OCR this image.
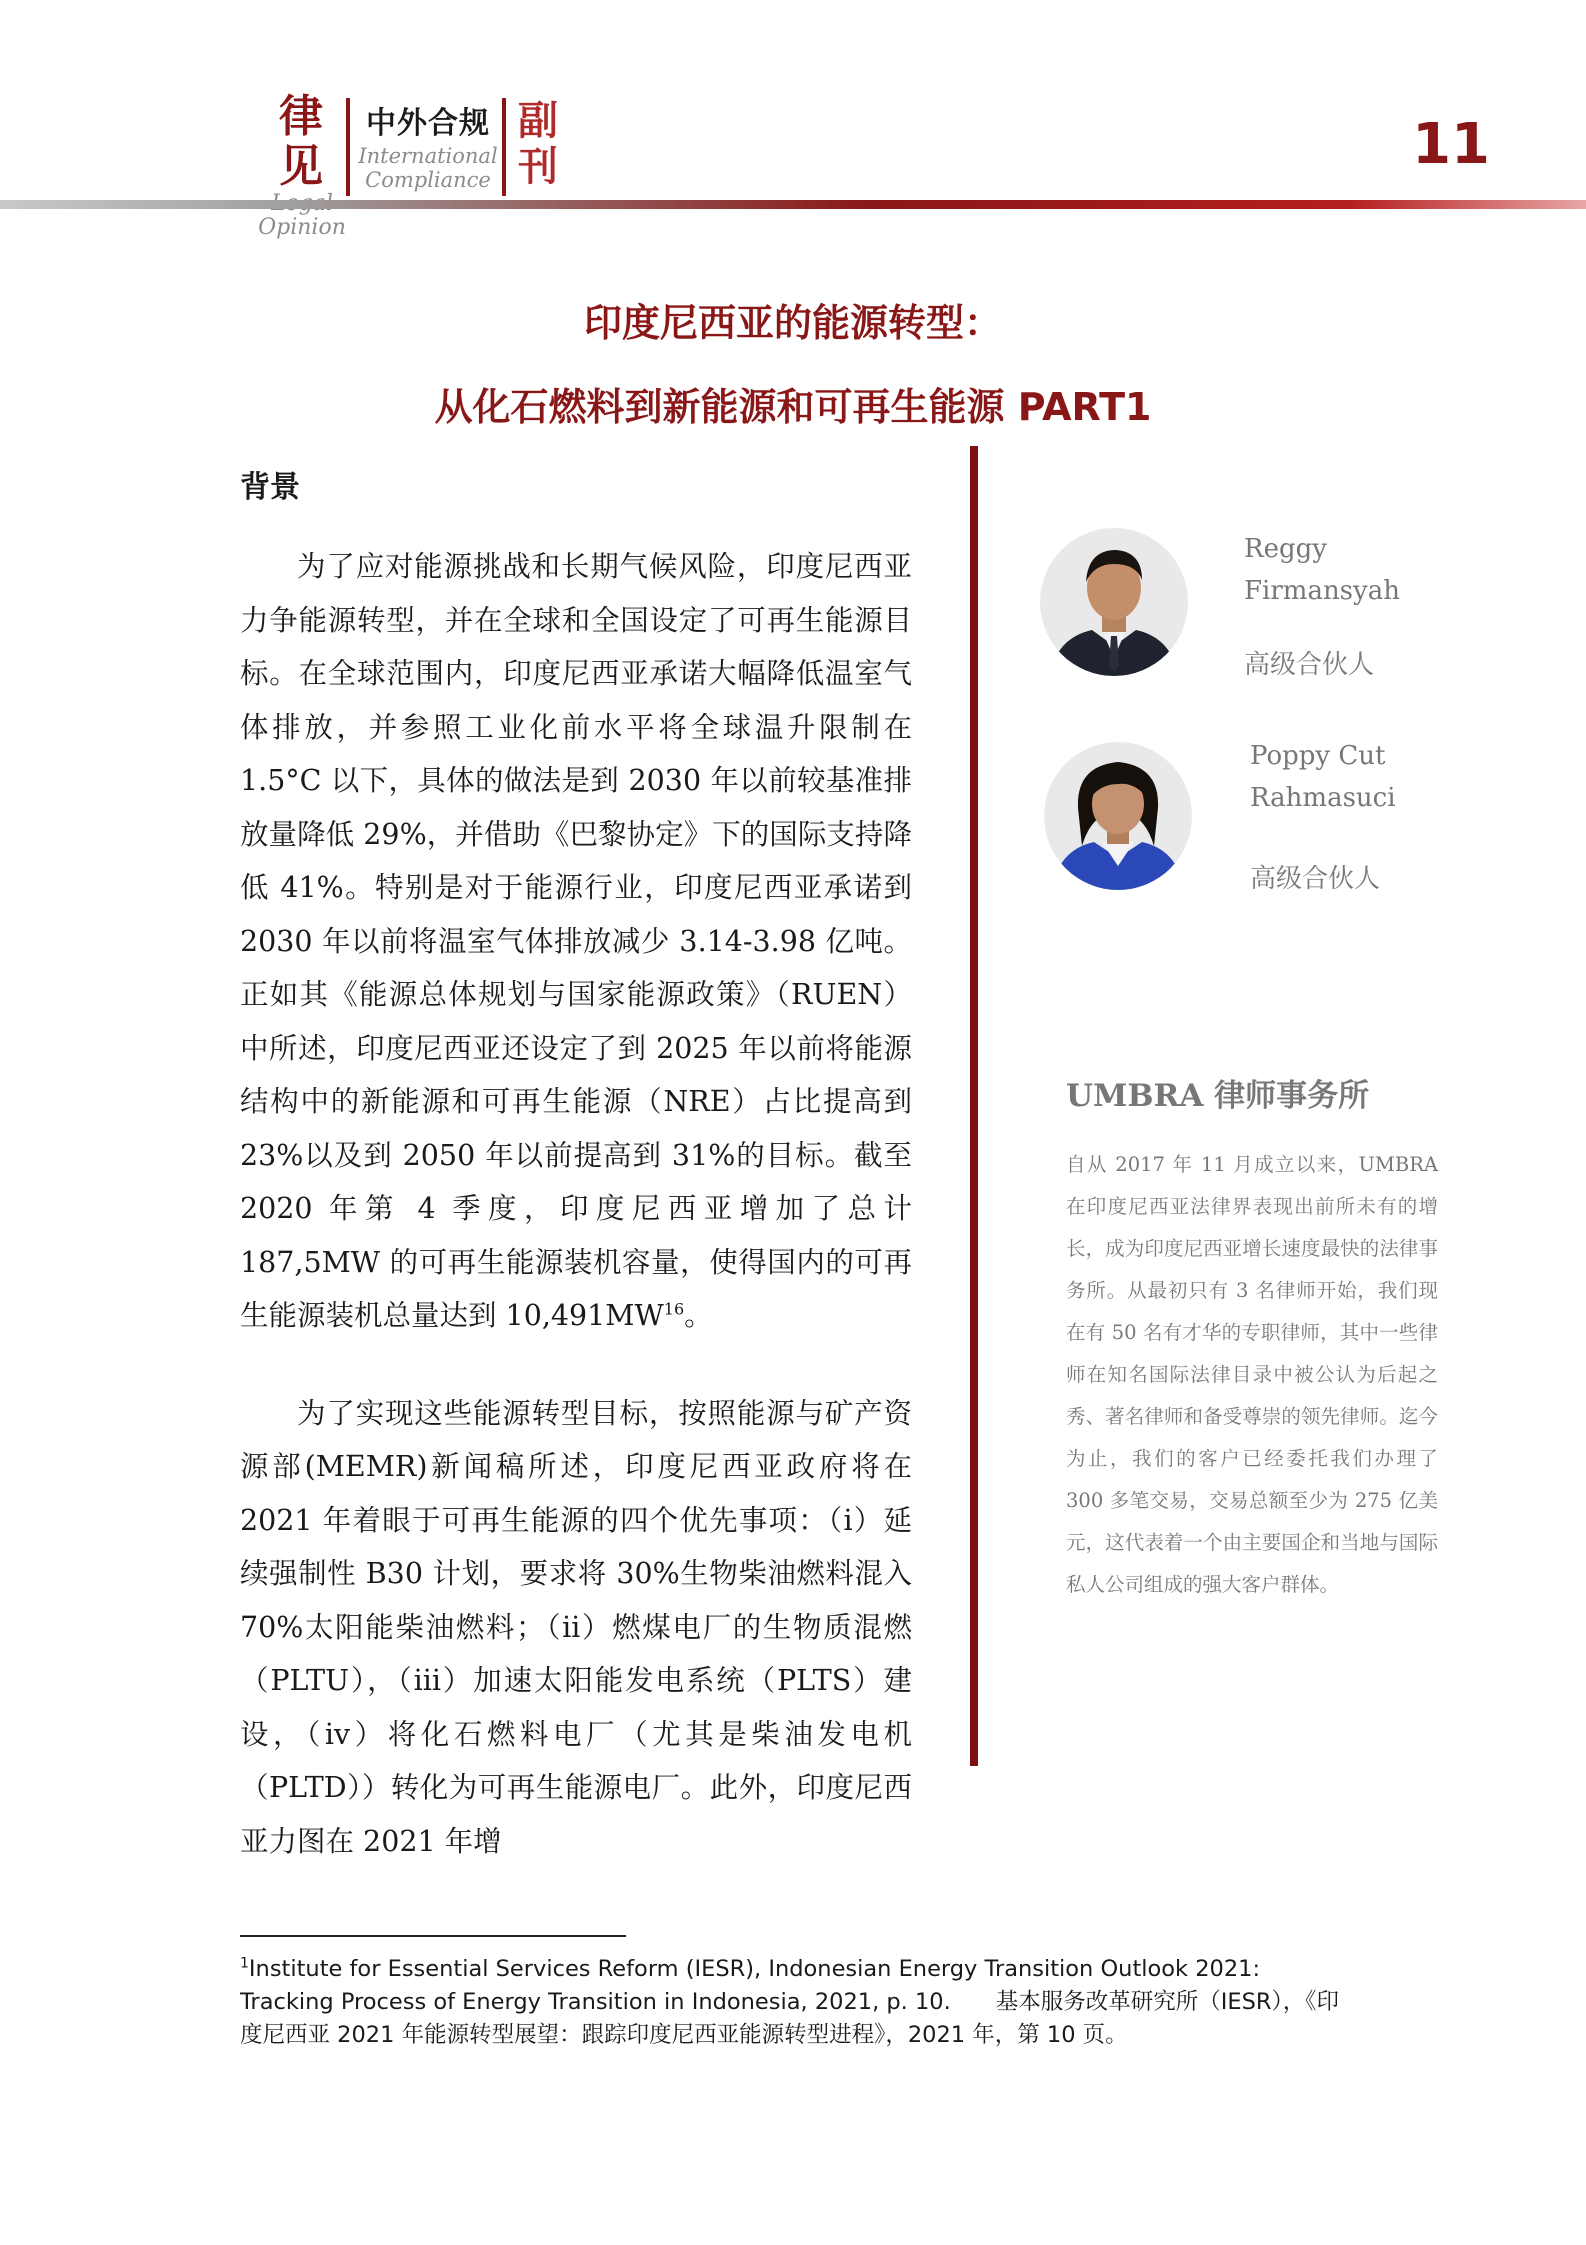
律见
Opinion
中外合规
International
Compliance
副
刊	11
印度尼西亚的能源转型：
从化石燃料到新能源和可再生能源 PART1
背景

为了应对能源挑战和长期气候风险，印度尼西亚力争能源转型，并在全球和全国设定了可再生能源目标。在全球范围内，印度尼西亚承诺大幅降低温室气体排放，并参照工业化前水平将全球温升限制在 1.5°C 以下，具体的做法是到 2030 年以前较基准排放量降低 29%，并借助《巴黎协定》下的国际支持降低 41%。特别是对于能源行业，印度尼西亚承诺到 2030 年以前将温室气体排放减少 3.14-3.98 亿吨。正如其《能源总体规划与国家能源政策》（RUEN）中所述，印度尼西亚还设定了到 2025 年以前将能源结构中的新能源和可再生能源（NRE）占比提高到 23%以及到 2050 年以前提高到 31%的目标。截至 2020 年第 4 季度，印度尼西亚增加了总计 187,5MW 的可再生能源装机容量，使得国内的可再生能源装机总量达到 10,491MW$^{16}$。

为了实现这些能源转型目标，按照能源与矿产资源部(MEMR)新闻稿所述，印度尼西亚政府将在 2021 年着眼于可再生能源的四个优先事项：（i）延续强制性 B30 计划，要求将 30%生物柴油燃料混入 70%太阳能柴油燃料；（ii）燃煤电厂的生物质混燃（PLTU），（iii）加速太阳能发电系统（PLTS）建设，（iv）将化石燃料电厂（尤其是柴油发电机（PLTD））转化为可再生能源电厂。此外，印度尼西亚力图在 2021 年增

Reggy
Firmansyah
高级合伙人
Poppy Cut
Rahmasuci
高级合伙人
UMBRA 律师事务所

自从 2017 年 11 月成立以来，UMBRA 在印度尼西亚法律界表现出前所未有的增长，成为印度尼西亚增长速度最快的法律事务所。从最初只有 3 名律师开始，我们现在有 50 名有才华的专职律师，其中一些律师在知名国际法律目录中被公认为后起之秀、著名律师和备受尊崇的领先律师。迄今为止，我们的客户已经委托我们办理了 300 多笔交易，交易总额至少为 275 亿美元，这代表着一个由主要国企和当地与国际私人公司组成的强大客户群体。

$^1$Institute for Essential Services Reform (IESR), Indonesian Energy Transition Outlook 2021: Tracking Process of Energy Transition in Indonesia, 2021, p. 10.　　基本服务改革研究所（IESR），《印度尼西亚 2021 年能源转型展望：跟踪印度尼西亚能源转型进程》，2021 年，第 10 页。
